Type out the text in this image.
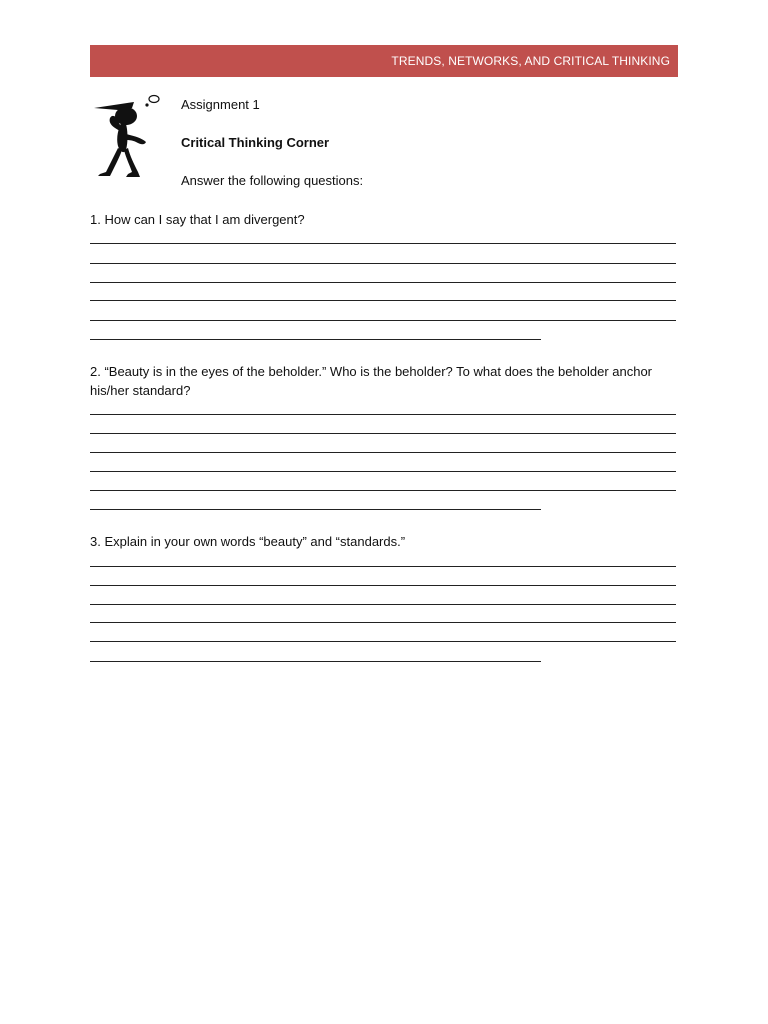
TRENDS, NETWORKS, AND CRITICAL THINKING
Assignment 1
Critical Thinking Corner
Answer the following questions:
1. How can I say that I am divergent?
2. “Beauty is in the eyes of the beholder.” Who is the beholder? To what does the beholder anchor his/her standard?
3. Explain in your own words “beauty” and “standards.”
